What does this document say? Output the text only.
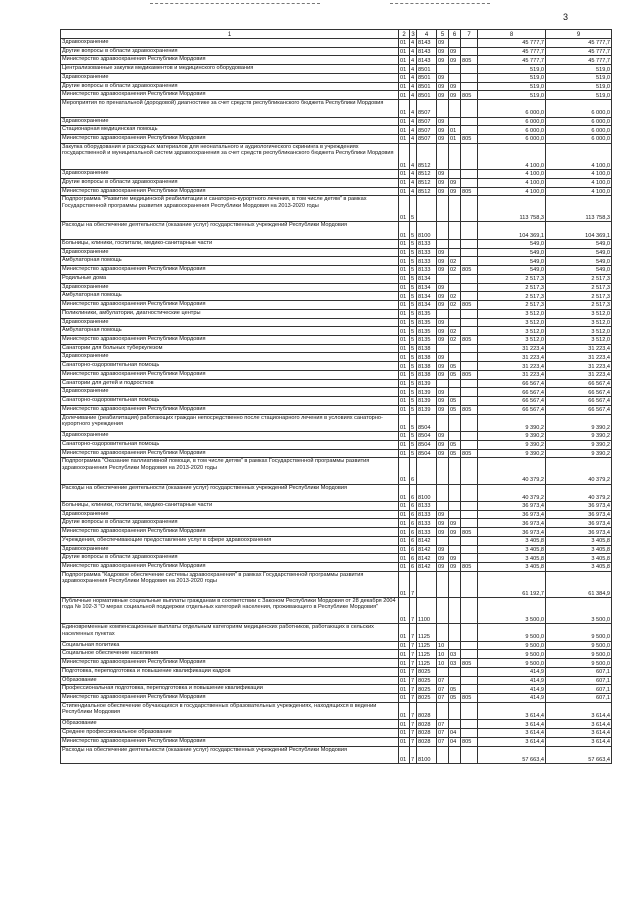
3
1	2	3	4	5	6	7	8	9
Здравоохранение	01	4	8143	09			45 777,7	45 777,7
Другие вопросы в области здравоохранения	01	4	8143	09	09		45 777,7	45 777,7
Министерство здравоохранения Республики Мордовия	01	4	8143	09	09	805	45 777,7	45 777,7
Централизованные закупки медикаментов и медицинского оборудования	01	4	8501				519,0	519,0
Здравоохранение	01	4	8501	09			519,0	519,0
Другие вопросы в области здравоохранения	01	4	8501	09	09		519,0	519,0
Министерство здравоохранения Республики Мордовия	01	4	8501	09	09	805	519,0	519,0
Мероприятия по пренатальной (дородовой) диагностике за счет средств республиканского бюджета Республики Мордовия	01	4	8507				6 000,0	6 000,0
Здравоохранение	01	4	8507	09			6 000,0	6 000,0
Стационарная медицинская помощь	01	4	8507	09	01		6 000,0	6 000,0
Министерство здравоохранения Республики Мордовия	01	4	8507	09	01	805	6 000,0	6 000,0
Закупка оборудования и расходных материалов для неонатального и аудиологического скрининга в учреждениях государственной и муниципальной систем здравоохранения за счет средств республиканского бюджета Республики Мордовия	01	4	8512				4 100,0	4 100,0
Здравоохранение	01	4	8512	09			4 100,0	4 100,0
Другие вопросы в области здравоохранения	01	4	8512	09	09		4 100,0	4 100,0
Министерство здравоохранения Республики Мордовия	01	4	8512	09	09	805	4 100,0	4 100,0
Подпрограмма "Развитие медицинской реабилитации и санаторно-курортного лечения, в том числе детям" в рамках Государственной программы развития здравоохранения Республики Мордовия на 2013-2020 годы	01	5					113 758,3	113 758,3
Расходы на обеспечение деятельности (оказание услуг) государственных учреждений Республики Мордовия	01	5	8100				104 369,1	104 369,1
Больницы, клиники, госпитали, медико-санитарные части	01	5	8133				549,0	549,0
Здравоохранение	01	5	8133	09			549,0	549,0
Амбулаторная помощь	01	5	8133	09	02		549,0	549,0
Министерство здравоохранения Республики Мордовия	01	5	8133	09	02	805	549,0	549,0
Родильные дома	01	5	8134				2 517,3	2 517,3
Здравоохранение	01	5	8134	09			2 517,3	2 517,3
Амбулаторная помощь	01	5	8134	09	02		2 517,3	2 517,3
Министерство здравоохранения Республики Мордовия	01	5	8134	09	02	805	2 517,3	2 517,3
Поликлиники, амбулатории, диагностические центры	01	5	8135				3 512,0	3 512,0
Здравоохранение	01	5	8135	09			3 512,0	3 512,0
Амбулаторная помощь	01	5	8135	09	02		3 512,0	3 512,0
Министерство здравоохранения Республики Мордовия	01	5	8135	09	02	805	3 512,0	3 512,0
Санатории для больных туберкулезом	01	5	8138				31 223,4	31 223,4
Здравоохранение	01	5	8138	09			31 223,4	31 223,4
Санаторно-оздоровительная помощь	01	5	8138	09	05		31 223,4	31 223,4
Министерство здравоохранения Республики Мордовия	01	5	8138	09	05	805	31 223,4	31 223,4
Санатории для детей и подростков	01	5	8139				66 567,4	66 567,4
Здравоохранение	01	5	8139	09			66 567,4	66 567,4
Санаторно-оздоровительная помощь	01	5	8139	09	05		66 567,4	66 567,4
Министерство здравоохранения Республики Мордовия	01	5	8139	09	05	805	66 567,4	66 567,4
Долечивание (реабилитация) работающих граждан непосредственно после стационарного лечения в условиях санаторно-курортного учреждения	01	5	8504				9 390,2	9 390,2
Здравоохранение	01	5	8504	09			9 390,2	9 390,2
Санаторно-оздоровительная помощь	01	5	8504	09	05		9 390,2	9 390,2
Министерство здравоохранения Республики Мордовия	01	5	8504	09	05	805	9 390,2	9 390,2
Подпрограмма "Оказание паллиативной помощи, в том числе детям" в рамках Государственной программы развития здравоохранения Республики Мордовия на 2013-2020 годы	01	6					40 379,2	40 379,2
Расходы на обеспечение деятельности (оказание услуг) государственных учреждений Республики Мордовия	01	6	8100				40 379,2	40 379,2
Больницы, клиники, госпитали, медико-санитарные части	01	6	8133				36 973,4	36 973,4
Здравоохранение	01	6	8133	09			36 973,4	36 973,4
Другие вопросы в области здравоохранения	01	6	8133	09	09		36 973,4	36 973,4
Министерство здравоохранения Республики Мордовия	01	6	8133	09	09	805	36 973,4	36 973,4
Учреждения, обеспечивающие предоставление услуг в сфере здравоохранения	01	6	8142				3 405,8	3 405,8
Здравоохранение	01	6	8142	09			3 405,8	3 405,8
Другие вопросы в области здравоохранения	01	6	8142	09	09		3 405,8	3 405,8
Министерство здравоохранения Республики Мордовия	01	6	8142	09	09	805	3 405,8	3 405,8
Подпрограмма "Кадровое обеспечение системы здравоохранения" в рамках Государственной программы развития здравоохранения Республики Мордовия на 2013-2020 годы	01	7					61 192,7	61 384,9
Публичные нормативные социальные выплаты гражданам в соответствии с Законом Республики Мордовия от 28 декабря 2004 года № 102-З "О мерах социальной поддержки отдельных категорий населения, проживающего в Республике Мордовия"	01	7	1100				3 500,0	3 500,0
Единовременные компенсационные выплаты отдельным категориям медицинских работников, работающих в сельских населенных пунктах	01	7	1125				9 500,0	9 500,0
Социальная политика	01	7	1125	10			9 500,0	9 500,0
Социальное обеспечение населения	01	7	1125	10	03		9 500,0	9 500,0
Министерство здравоохранения Республики Мордовия	01	7	1125	10	03	805	9 500,0	9 500,0
Подготовка, переподготовка и повышение квалификации кадров	01	7	8025				414,9	607,1
Образование	01	7	8025	07			414,9	607,1
Профессиональная подготовка, переподготовка и повышение квалификации	01	7	8025	07	05		414,9	607,1
Министерство здравоохранения Республики Мордовия	01	7	8025	07	05	805	414,9	607,1
Стипендиальное обеспечение обучающихся в государственных образовательных учреждениях, находящихся в ведении Республики Мордовия	01	7	8028				3 614,4	3 614,4
Образование	01	7	8028	07			3 614,4	3 614,4
Среднее профессиональное образование	01	7	8028	07	04		3 614,4	3 614,4
Министерство здравоохранения Республики Мордовия	01	7	8028	07	04	805	3 614,4	3 614,4
Расходы на обеспечение деятельности (оказание услуг) государственных учреждений Республики Мордовия	01	7	8100				57 663,4	57 663,4
